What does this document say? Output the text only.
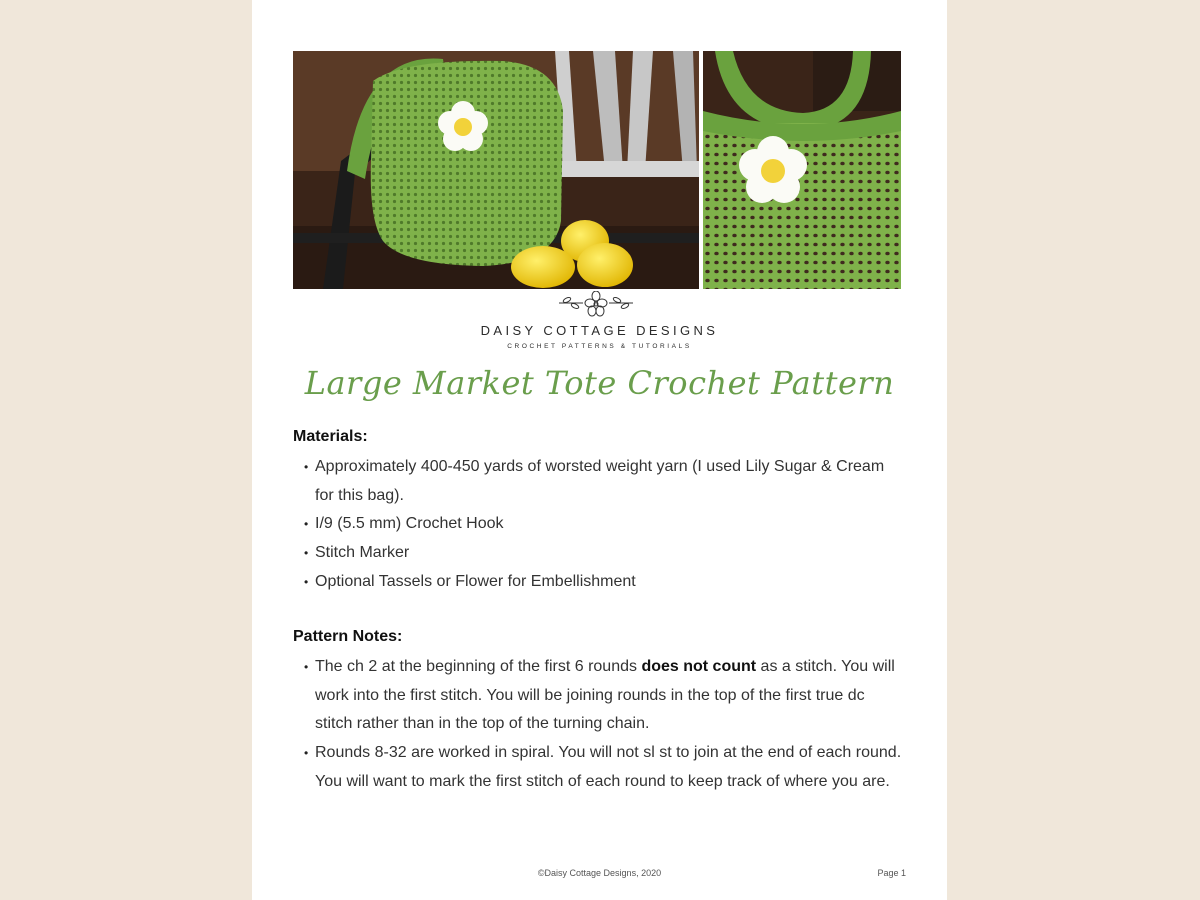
DAISY COTTAGE DESIGNS
CROCHET PATTERNS & TUTORIALS
Large Market Tote Crochet Pattern
Materials:
• Approximately 400-450 yards of worsted weight yarn (I used Lily Sugar & Cream for this bag).
• I/9 (5.5 mm) Crochet Hook
• Stitch Marker
• Optional Tassels or Flower for Embellishment
Pattern Notes:
• The ch 2 at the beginning of the first 6 rounds does not count as a stitch. You will work into the first stitch. You will be joining rounds in the top of the first true dc stitch rather than in the top of the turning chain.
• Rounds 8-32 are worked in spiral. You will not sl st to join at the end of each round. You will want to mark the first stitch of each round to keep track of where you are.
©Daisy Cottage Designs, 2020	Page 1
